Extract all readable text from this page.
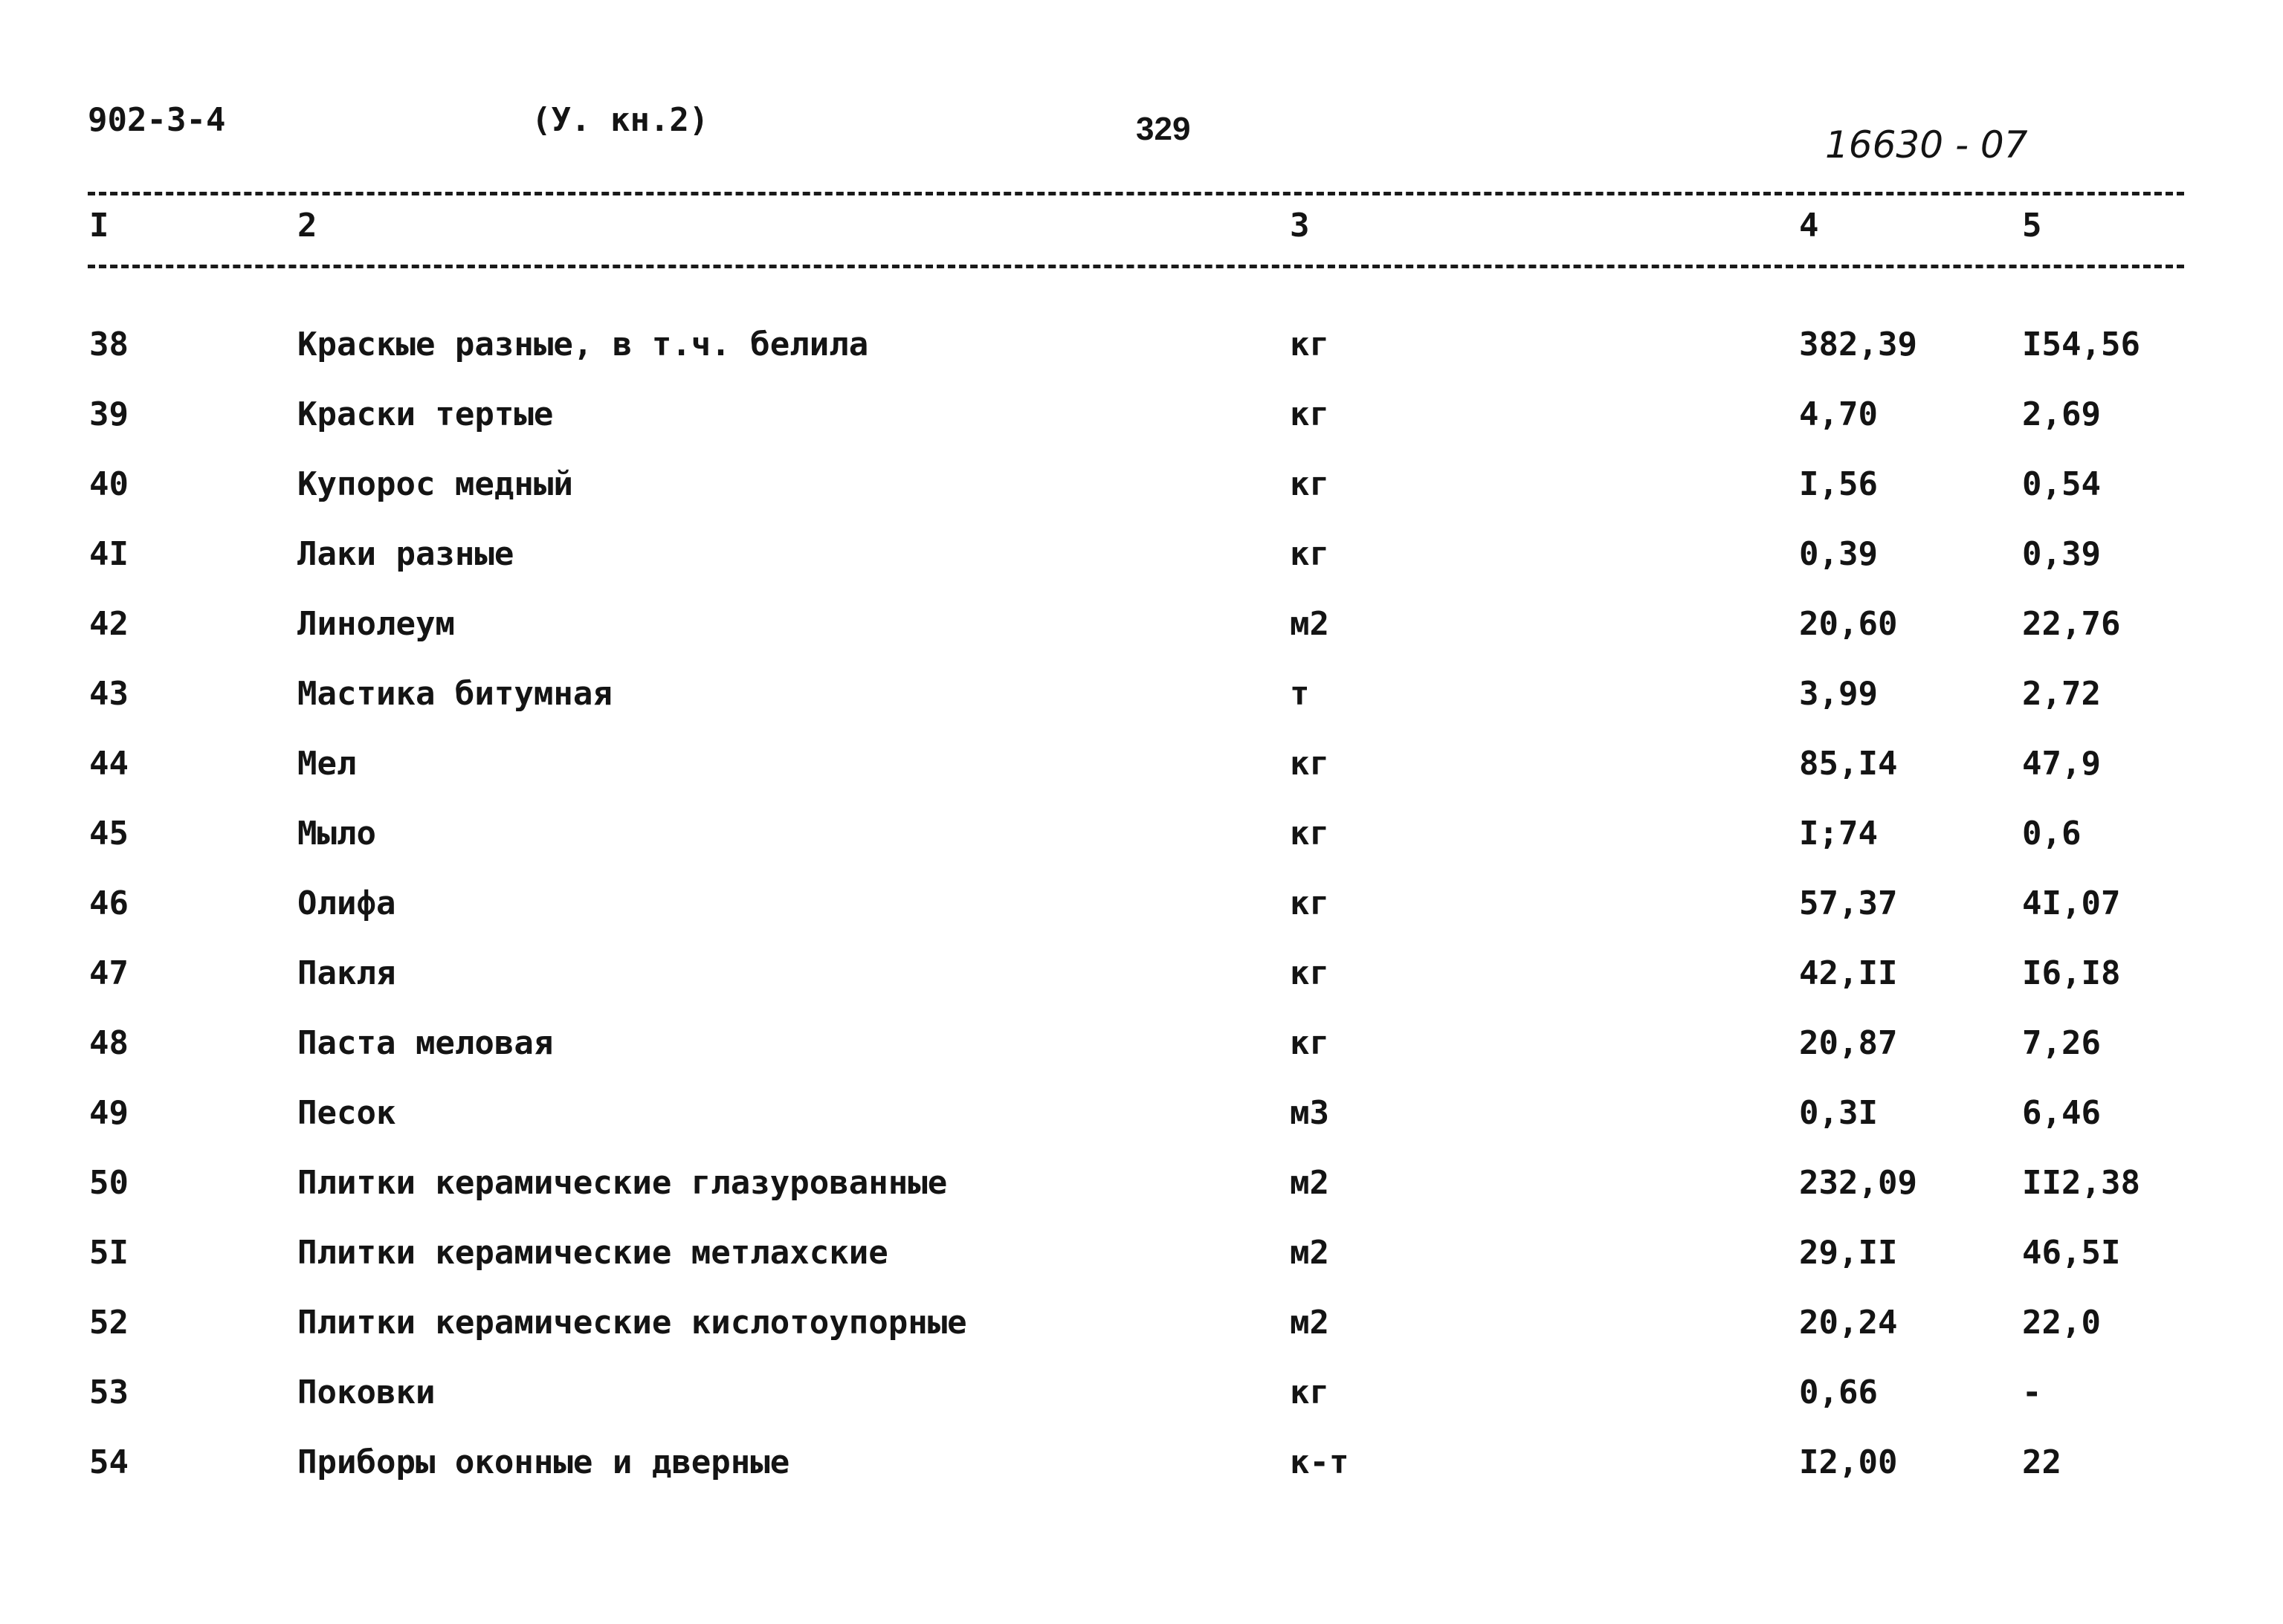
902-3-4	(У. кн.2)	329	16630 - 07
I	2	3	4	5
38	Краскые разные, в т.ч. белила	кг	382,39	I54,56
39	Краски тертые	кг	4,70	2,69
40	Купорос медный	кг	I,56	0,54
4I	Лаки разные	кг	0,39	0,39
42	Линолеум	м2	20,60	22,76
43	Мастика битумная	т	3,99	2,72
44	Мел	кг	85,I4	47,9
45	Мыло	кг	I;74	0,6
46	Олифа	кг	57,37	4I,07
47	Пакля	кг	42,II	I6,I8
48	Паста меловая	кг	20,87	7,26
49	Песок	м3	0,3I	6,46
50	Плитки керамические глазурованные	м2	232,09	II2,38
5I	Плитки керамические метлахские	м2	29,II	46,5I
52	Плитки керамические кислотоупорные	м2	20,24	22,0
53	Поковки	кг	0,66	-
54	Приборы оконные и дверные	к-т	I2,00	22
